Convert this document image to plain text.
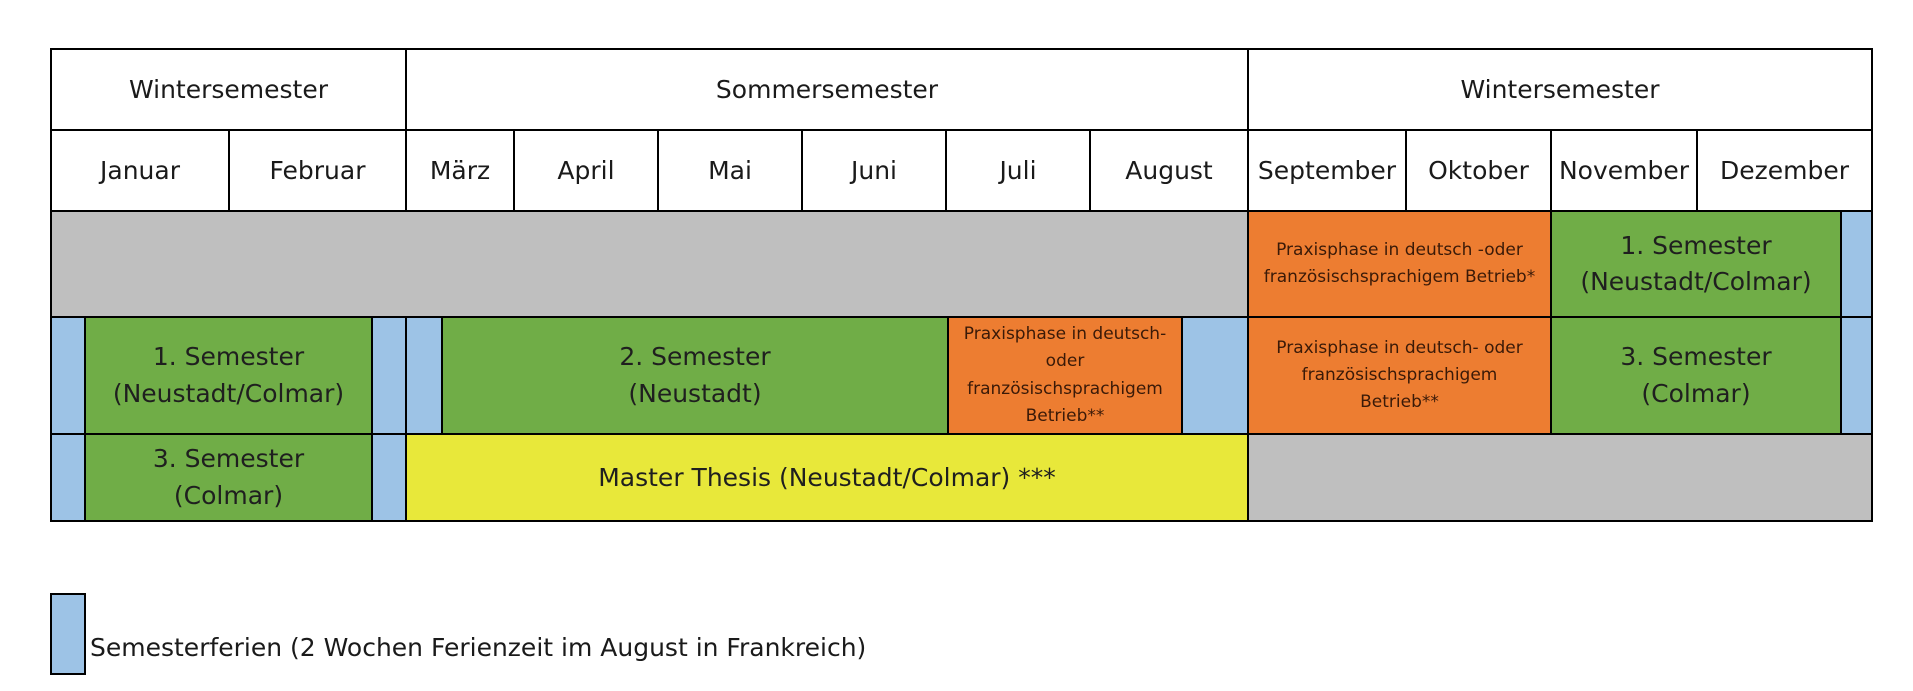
Wintersemester	Sommersemester	Wintersemester
Januar	Februar	März	April	Mai	Juni	Juli	August September Oktober November Dezember
Praxisphase in deutsch -oder
französischsprachigem Betrieb*
1. Semester
(Neustadt/Colmar)
1. Semester
(Neustadt/Colmar)
2. Semester
(Neustadt)
Praxisphase in deutsch-
oder
französischsprachigem
Betrieb**
Praxisphase in deutsch- oder
französischsprachigem
Betrieb**
3. Semester
(Colmar)
3. Semester
(Colmar)
Master Thesis (Neustadt/Colmar) ***
Semesterferien (2 Wochen Ferienzeit im August in Frankreich)
